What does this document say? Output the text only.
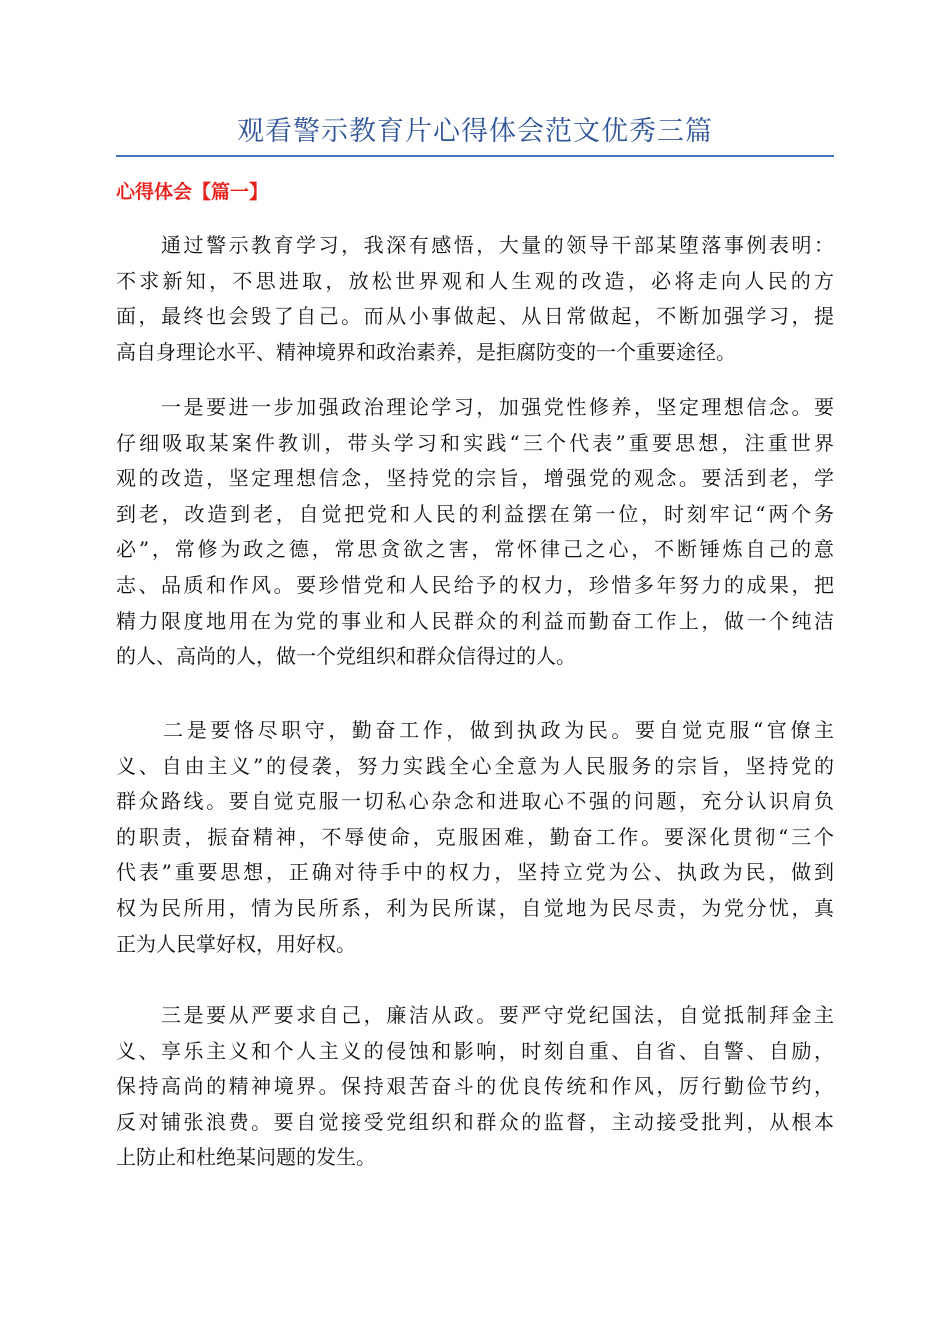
观看警示教育片心得体会范文优秀三篇
心得体会【篇一】
　　通过警示教育学习，我深有感悟，大量的领导干部某堕落事例表明：
不求新知，不思进取，放松世界观和人生观的改造，必将走向人民的方
面，最终也会毁了自己。而从小事做起、从日常做起，不断加强学习，提
高自身理论水平、精神境界和政治素养，是拒腐防变的一个重要途径。
　　一是要进一步加强政治理论学习，加强党性修养，坚定理想信念。要
仔细吸取某案件教训，带头学习和实践“三个代表”重要思想，注重世界
观的改造，坚定理想信念，坚持党的宗旨，增强党的观念。要活到老，学
到老，改造到老，自觉把党和人民的利益摆在第一位，时刻牢记“两个务
必”，常修为政之德，常思贪欲之害，常怀律己之心，不断锤炼自己的意
志、品质和作风。要珍惜党和人民给予的权力，珍惜多年努力的成果，把
精力限度地用在为党的事业和人民群众的利益而勤奋工作上，做一个纯洁
的人、高尚的人，做一个党组织和群众信得过的人。
　　二是要恪尽职守，勤奋工作，做到执政为民。要自觉克服“官僚主
义、自由主义”的侵袭，努力实践全心全意为人民服务的宗旨，坚持党的
群众路线。要自觉克服一切私心杂念和进取心不强的问题，充分认识肩负
的职责，振奋精神，不辱使命，克服困难，勤奋工作。要深化贯彻“三个
代表”重要思想，正确对待手中的权力，坚持立党为公、执政为民，做到
权为民所用，情为民所系，利为民所谋，自觉地为民尽责，为党分忧，真
正为人民掌好权，用好权。
　　三是要从严要求自己，廉洁从政。要严守党纪国法，自觉抵制拜金主
义、享乐主义和个人主义的侵蚀和影响，时刻自重、自省、自警、自励，
保持高尚的精神境界。保持艰苦奋斗的优良传统和作风，厉行勤俭节约，
反对铺张浪费。要自觉接受党组织和群众的监督，主动接受批判，从根本
上防止和杜绝某问题的发生。
